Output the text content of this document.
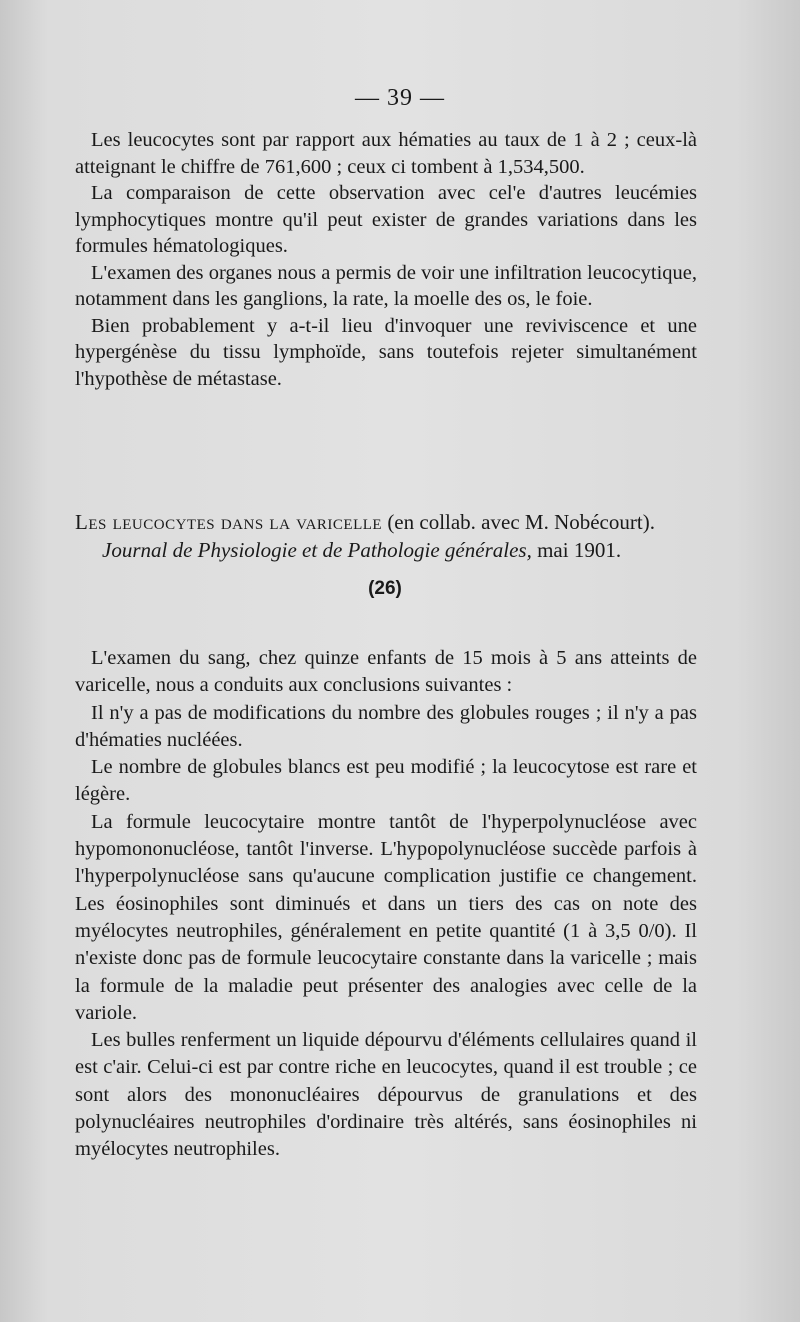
— 39 —

Les leucocytes sont par rapport aux hématies au taux de 1 à 2 ; ceux-là atteignant le chiffre de 761,600 ; ceux ci tombent à 1,534,500.

La comparaison de cette observation avec cel'e d'autres leucémies lymphocytiques montre qu'il peut exister de grandes variations dans les formules hématologiques.

L'examen des organes nous a permis de voir une infiltration leucocytique, notamment dans les ganglions, la rate, la moelle des os, le foie.

Bien probablement y a-t-il lieu d'invoquer une reviviscence et une hypergénèse du tissu lymphoïde, sans toutefois rejeter simultanément l'hypothèse de métastase.

Les leucocytes dans la varicelle (en collab. avec M. Nobécourt).

Journal de Physiologie et de Pathologie générales, mai 1901.

(26)

L'examen du sang, chez quinze enfants de 15 mois à 5 ans atteints de varicelle, nous a conduits aux conclusions suivantes :

Il n'y a pas de modifications du nombre des globules rouges ; il n'y a pas d'hématies nucléées.

Le nombre de globules blancs est peu modifié ; la leucocytose est rare et légère.

La formule leucocytaire montre tantôt de l'hyperpolynucléose avec hypomononucléose, tantôt l'inverse. L'hypopolynucléose succède parfois à l'hyperpolynucléose sans qu'aucune complication justifie ce changement. Les éosinophiles sont diminués et dans un tiers des cas on note des myélocytes neutrophiles, généralement en petite quantité (1 à 3,5 0/0). Il n'existe donc pas de formule leucocytaire constante dans la varicelle ; mais la formule de la maladie peut présenter des analogies avec celle de la variole.

Les bulles renferment un liquide dépourvu d'éléments cellulaires quand il est c'air. Celui-ci est par contre riche en leucocytes, quand il est trouble ; ce sont alors des mononucléaires dépourvus de granulations et des polynucléaires neutrophiles d'ordinaire très altérés, sans éosinophiles ni myélocytes neutrophiles.
